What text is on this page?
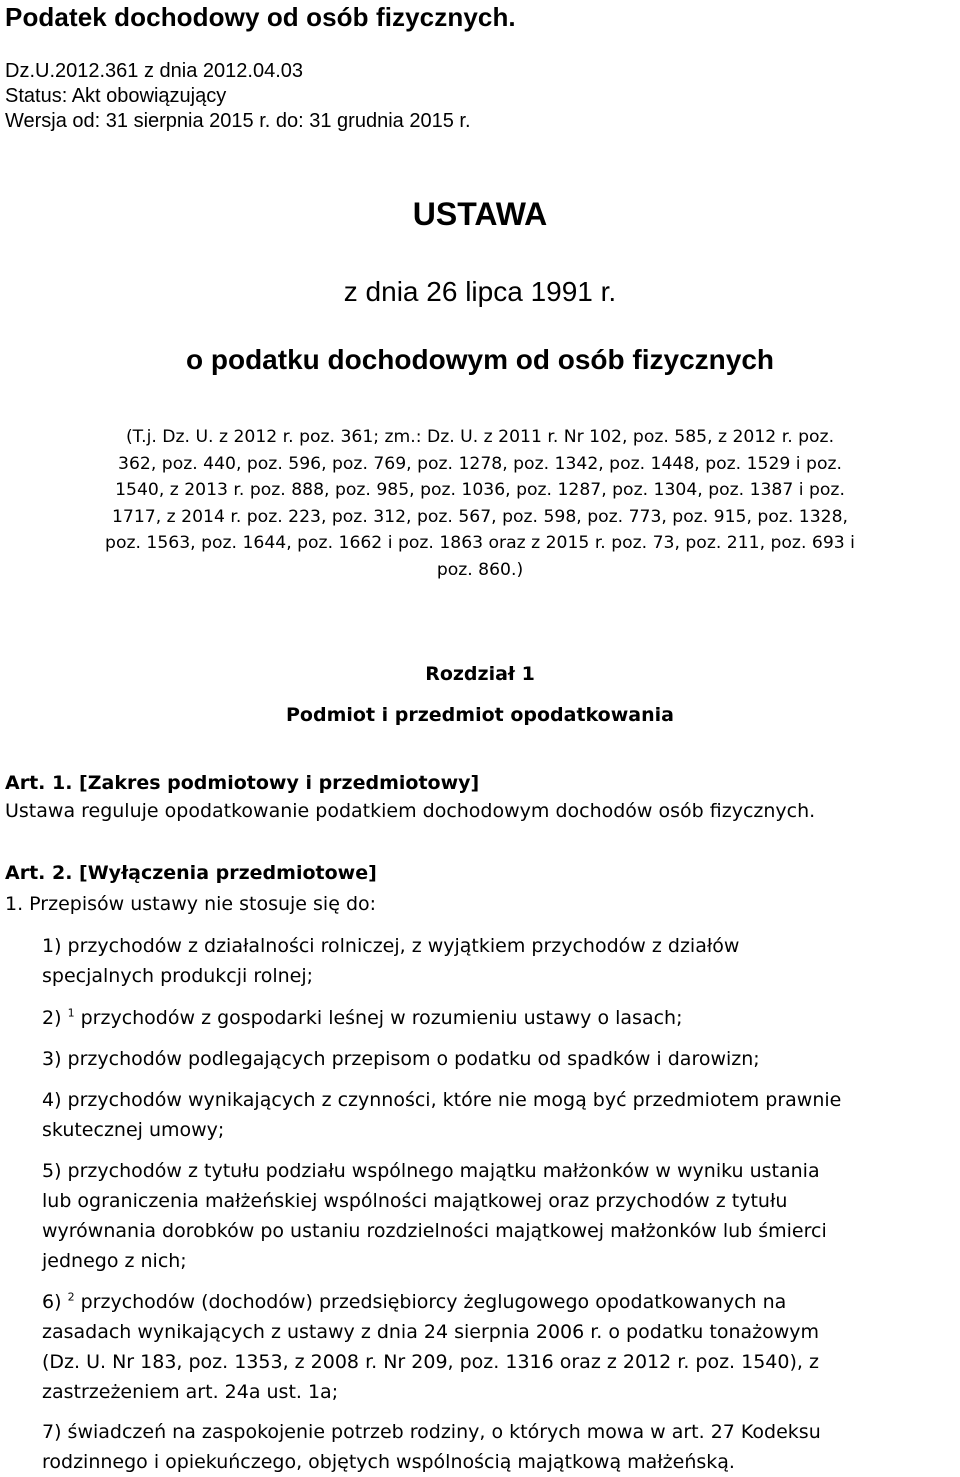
Podatek dochodowy od osób fizycznych.
Dz.U.2012.361 z dnia 2012.04.03
Status: Akt obowiązujący
Wersja od: 31 sierpnia 2015 r. do: 31 grudnia 2015 r.
USTAWA
z dnia 26 lipca 1991 r.
o podatku dochodowym od osób fizycznych
(T.j. Dz. U. z 2012 r. poz. 361; zm.: Dz. U. z 2011 r. Nr 102, poz. 585, z 2012 r. poz.
362, poz. 440, poz. 596, poz. 769, poz. 1278, poz. 1342, poz. 1448, poz. 1529 i poz.
1540, z 2013 r. poz. 888, poz. 985, poz. 1036, poz. 1287, poz. 1304, poz. 1387 i poz.
1717, z 2014 r. poz. 223, poz. 312, poz. 567, poz. 598, poz. 773, poz. 915, poz. 1328,
poz. 1563, poz. 1644, poz. 1662 i poz. 1863 oraz z 2015 r. poz. 73, poz. 211, poz. 693 i
poz. 860.)
Rozdział 1
Podmiot i przedmiot opodatkowania
Art. 1. [Zakres podmiotowy i przedmiotowy]
Ustawa reguluje opodatkowanie podatkiem dochodowym dochodów osób fizycznych.
Art. 2. [Wyłączenia przedmiotowe]
1. Przepisów ustawy nie stosuje się do:
1) przychodów z działalności rolniczej, z wyjątkiem przychodów z działów
specjalnych produkcji rolnej;
2) $^1$ przychodów z gospodarki leśnej w rozumieniu ustawy o lasach;
3) przychodów podlegających przepisom o podatku od spadków i darowizn;
4) przychodów wynikających z czynności, które nie mogą być przedmiotem prawnie
skutecznej umowy;
5) przychodów z tytułu podziału wspólnego majątku małżonków w wyniku ustania
lub ograniczenia małżeńskiej wspólności majątkowej oraz przychodów z tytułu
wyrównania dorobków po ustaniu rozdzielności majątkowej małżonków lub śmierci
jednego z nich;
6) $^2$ przychodów (dochodów) przedsiębiorcy żeglugowego opodatkowanych na
zasadach wynikających z ustawy z dnia 24 sierpnia 2006 r. o podatku tonażowym
(Dz. U. Nr 183, poz. 1353, z 2008 r. Nr 209, poz. 1316 oraz z 2012 r. poz. 1540), z
zastrzeżeniem art. 24a ust. 1a;
7) świadczeń na zaspokojenie potrzeb rodziny, o których mowa w art. 27 Kodeksu
rodzinnego i opiekuńczego, objętych wspólnością majątkową małżeńską.
